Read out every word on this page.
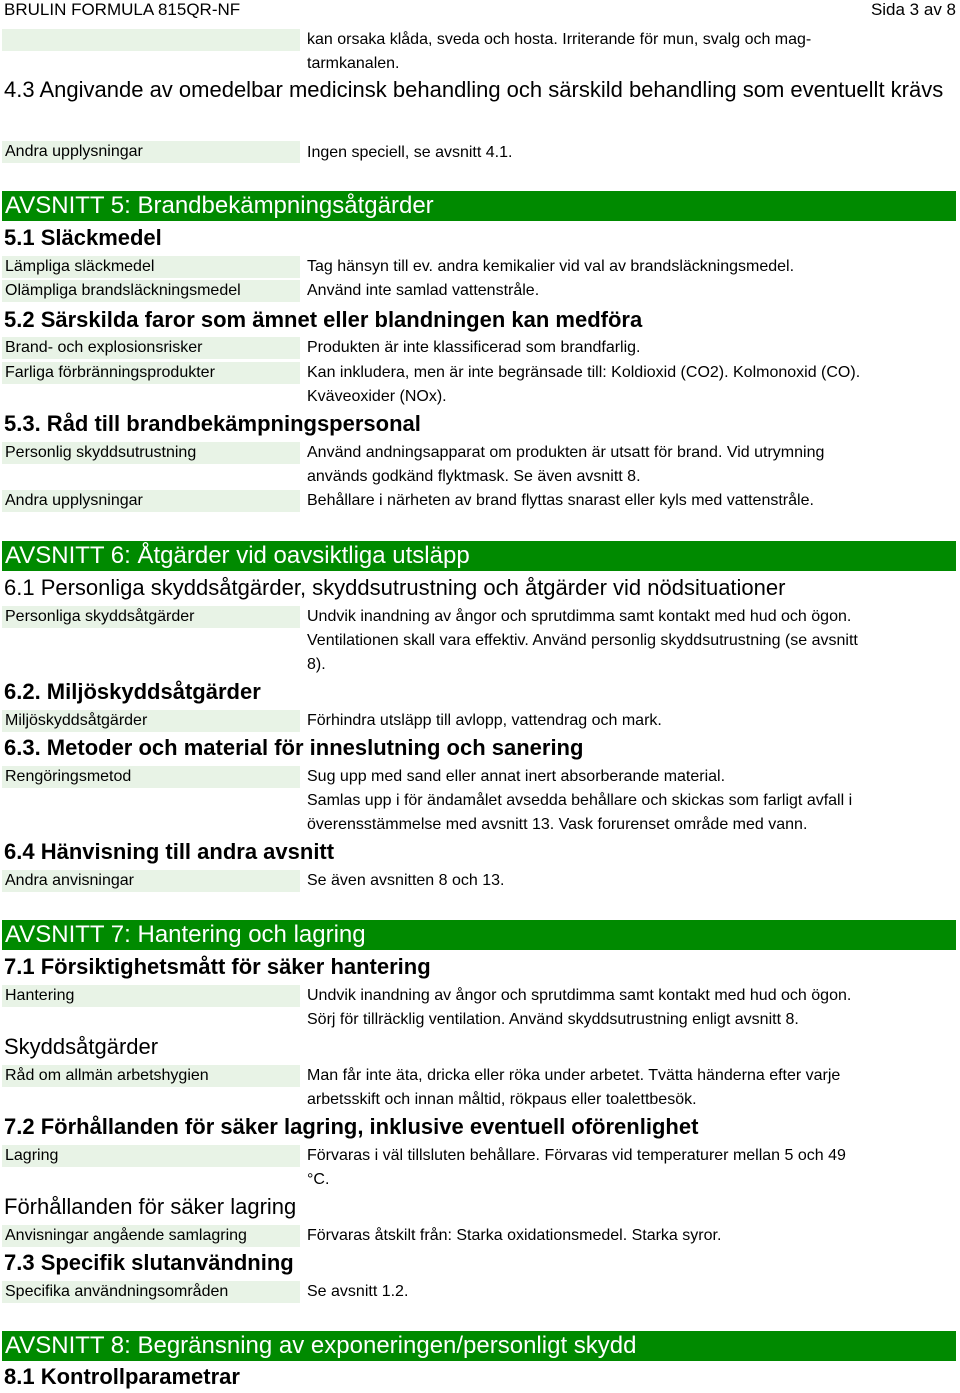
BRULIN FORMULA 815QR-NF	Sida 3 av 8
kan orsaka klåda, sveda och hosta. Irriterande för mun, svalg och mag-tarmkanalen.
4.3 Angivande av omedelbar medicinsk behandling och särskild behandling som eventuellt krävs
Andra upplysningar	Ingen speciell, se avsnitt 4.1.
AVSNITT 5: Brandbekämpningsåtgärder
5.1 Släckmedel
Lämpliga släckmedel	Tag hänsyn till ev. andra kemikalier vid val av brandsläckningsmedel.
Olämpliga brandsläckningsmedel	Använd inte samlad vattenstråle.
5.2 Särskilda faror som ämnet eller blandningen kan medföra
Brand- och explosionsrisker	Produkten är inte klassificerad som brandfarlig.
Farliga förbränningsprodukter	Kan inkludera, men är inte begränsade till: Koldioxid (CO2). Kolmonoxid (CO).
Kväveoxider (NOx).
5.3. Råd till brandbekämpningspersonal
Personlig skyddsutrustning	Använd andningsapparat om produkten är utsatt för brand. Vid utrymning
används godkänd flyktmask. Se även avsnitt 8.
Andra upplysningar	Behållare i närheten av brand flyttas snarast eller kyls med vattenstråle.
AVSNITT 6: Åtgärder vid oavsiktliga utsläpp
6.1 Personliga skyddsåtgärder, skyddsutrustning och åtgärder vid nödsituationer
Personliga skyddsåtgärder	Undvik inandning av ångor och sprutdimma samt kontakt med hud och ögon.
Ventilationen skall vara effektiv. Använd personlig skyddsutrustning (se avsnitt
8).
6.2. Miljöskyddsåtgärder
Miljöskyddsåtgärder	Förhindra utsläpp till avlopp, vattendrag och mark.
6.3. Metoder och material för inneslutning och sanering
Rengöringsmetod	Sug upp med sand eller annat inert absorberande material.
Samlas upp i för ändamålet avsedda behållare och skickas som farligt avfall i
överensstämmelse med avsnitt 13. Vask forurenset område med vann.
6.4 Hänvisning till andra avsnitt
Andra anvisningar	Se även avsnitten 8 och 13.
AVSNITT 7: Hantering och lagring
7.1 Försiktighetsmått för säker hantering
Hantering	Undvik inandning av ångor och sprutdimma samt kontakt med hud och ögon.
Sörj för tillräcklig ventilation. Använd skyddsutrustning enligt avsnitt 8.
Skyddsåtgärder
Råd om allmän arbetshygien	Man får inte äta, dricka eller röka under arbetet. Tvätta händerna efter varje
arbetsskift och innan måltid, rökpaus eller toalettbesök.
7.2 Förhållanden för säker lagring, inklusive eventuell oförenlighet
Lagring	Förvaras i väl tillsluten behållare. Förvaras vid temperaturer mellan 5 och 49
°C.
Förhållanden för säker lagring
Anvisningar angående samlagring	Förvaras åtskilt från: Starka oxidationsmedel. Starka syror.
7.3 Specifik slutanvändning
Specifika användningsområden	Se avsnitt 1.2.
AVSNITT 8: Begränsning av exponeringen/personligt skydd
8.1 Kontrollparametrar
